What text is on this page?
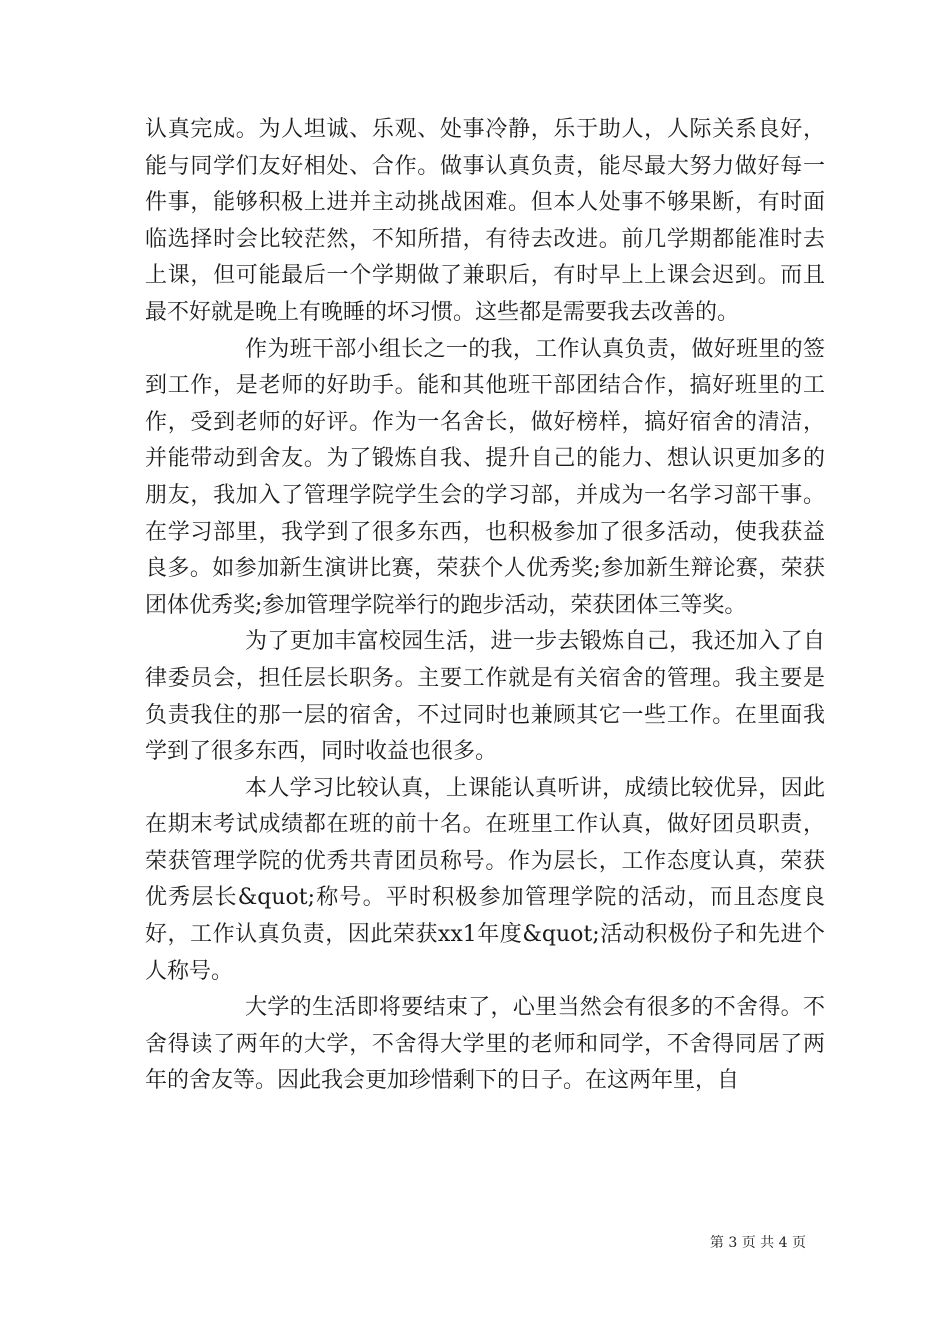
认真完成。为人坦诚、乐观、处事冷静，乐于助人，人际关系良好，能与同学们友好相处、合作。做事认真负责，能尽最大努力做好每一件事，能够积极上进并主动挑战困难。但本人处事不够果断，有时面临选择时会比较茫然，不知所措，有待去改进。前几学期都能准时去上课，但可能最后一个学期做了兼职后，有时早上上课会迟到。而且最不好就是晚上有晚睡的坏习惯。这些都是需要我去改善的。

作为班干部小组长之一的我，工作认真负责，做好班里的签到工作，是老师的好助手。能和其他班干部团结合作，搞好班里的工作，受到老师的好评。作为一名舍长，做好榜样，搞好宿舍的清洁，并能带动到舍友。为了锻炼自我、提升自己的能力、想认识更加多的朋友，我加入了管理学院学生会的学习部，并成为一名学习部干事。在学习部里，我学到了很多东西，也积极参加了很多活动，使我获益良多。如参加新生演讲比赛，荣获个人优秀奖;参加新生辩论赛，荣获团体优秀奖;参加管理学院举行的跑步活动，荣获团体三等奖。

为了更加丰富校园生活，进一步去锻炼自己，我还加入了自律委员会，担任层长职务。主要工作就是有关宿舍的管理。我主要是负责我住的那一层的宿舍，不过同时也兼顾其它一些工作。在里面我学到了很多东西，同时收益也很多。

本人学习比较认真，上课能认真听讲，成绩比较优异，因此在期末考试成绩都在班的前十名。在班里工作认真，做好团员职责，荣获管理学院的优秀共青团员称号。作为层长，工作态度认真，荣获优秀层长&quot;称号。平时积极参加管理学院的活动，而且态度良好，工作认真负责，因此荣获xx1年度&quot;活动积极份子和先进个人称号。

大学的生活即将要结束了，心里当然会有很多的不舍得。不舍得读了两年的大学，不舍得大学里的老师和同学，不舍得同居了两年的舍友等。因此我会更加珍惜剩下的日子。在这两年里，自

第 3 页 共 4 页
